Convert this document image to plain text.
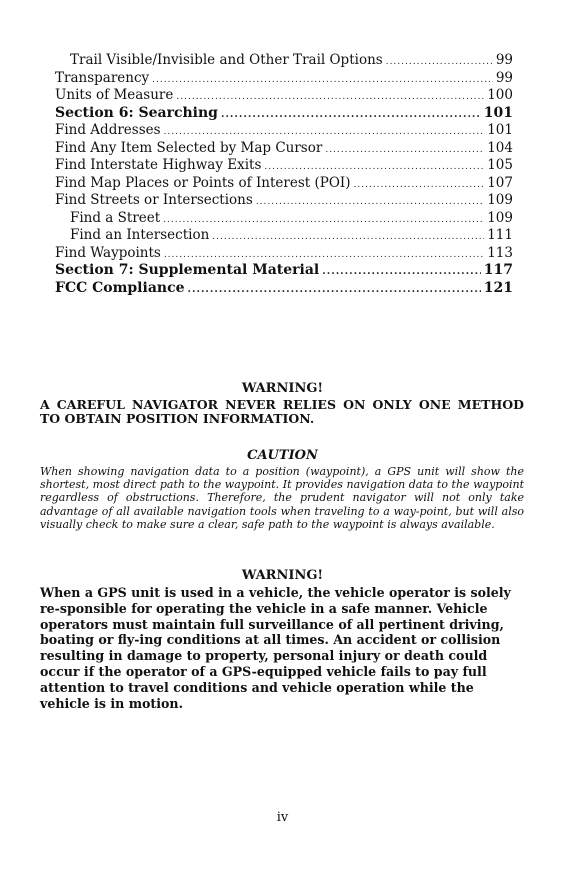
Trail Visible/Invisible and Other Trail Options .....	99
Transparency .....	99
Units of Measure .....	100
Section 6: Searching .....	101
Find Addresses .....	101
Find Any Item Selected by Map Cursor .....	104
Find Interstate Highway Exits .....	105
Find Map Places or Points of Interest (POI) .....	107
Find Streets or Intersections .....	109
Find a Street .....	109
Find an Intersection .....	111
Find Waypoints .....	113
Section 7: Supplemental Material .....	117
FCC Compliance .....	121
WARNING!
A CAREFUL NAVIGATOR NEVER RELIES ON ONLY ONE METHOD TO OBTAIN POSITION INFORMATION.
CAUTION
When showing navigation data to a position (waypoint), a GPS unit will show the shortest, most direct path to the waypoint. It provides navigation data to the waypoint regardless of obstructions. Therefore, the prudent navigator will not only take advantage of all available navigation tools when traveling to a way-point, but will also visually check to make sure a clear, safe path to the waypoint is always available.
WARNING!
When a GPS unit is used in a vehicle, the vehicle operator is solely re-sponsible for operating the vehicle in a safe manner. Vehicle operators must maintain full surveillance of all pertinent driving, boating or fly-ing conditions at all times. An accident or collision resulting in damage to property, personal injury or death could occur if the operator of a GPS-equipped vehicle fails to pay full attention to travel conditions and vehicle operation while the vehicle is in motion.
iv
